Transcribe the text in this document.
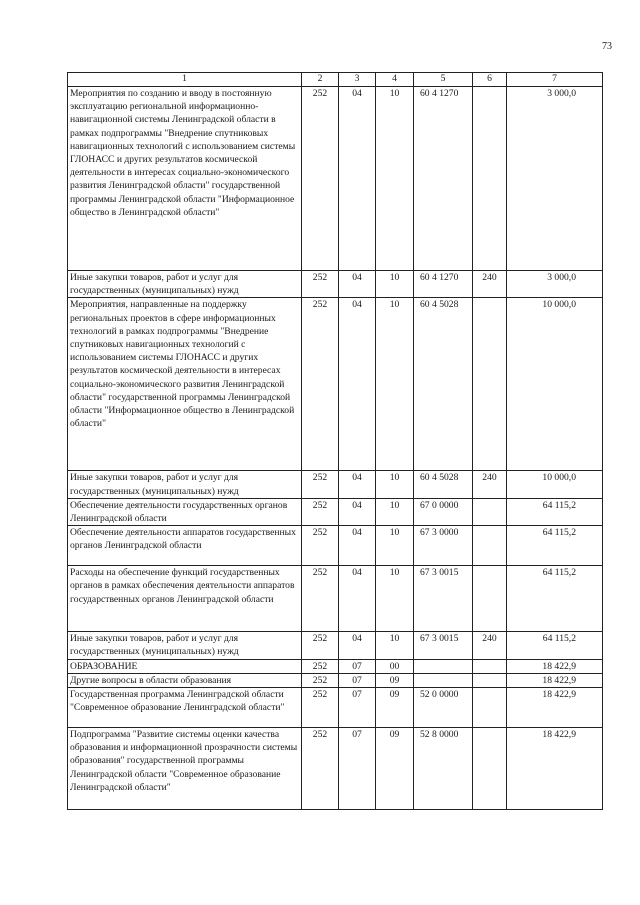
73
1	2	3	4	5	6	7
Мероприятия по созданию и вводу в постоянную эксплуатацию региональной информационно-навигационной системы Ленинградской области в рамках подпрограммы "Внедрение спутниковых навигационных технологий с использованием системы ГЛОНАСС и других результатов космической деятельности в интересах социально-экономического развития Ленинградской области" государственной программы Ленинградской области "Информационное общество в Ленинградской области"	252	04	10	60 4 1270		3 000,0
Иные закупки товаров, работ и услуг для государственных (муниципальных) нужд	252	04	10	60 4 1270	240	3 000,0
Мероприятия, направленные на поддержку региональных проектов в сфере информационных технологий в рамках подпрограммы "Внедрение спутниковых навигационных технологий с использованием системы ГЛОНАСС и других результатов космической деятельности в интересах социально-экономического развития Ленинградской области" государственной программы Ленинградской области "Информационное общество в Ленинградской области"	252	04	10	60 4 5028		10 000,0
Иные закупки товаров, работ и услуг для государственных (муниципальных) нужд	252	04	10	60 4 5028	240	10 000,0
Обеспечение деятельности государственных органов Ленинградской области	252	04	10	67 0 0000		64 115,2
Обеспечение деятельности аппаратов государственных органов Ленинградской области	252	04	10	67 3 0000		64 115,2
Расходы на обеспечение функций государственных органов в рамках обеспечения деятельности аппаратов государственных органов Ленинградской области	252	04	10	67 3 0015		64 115,2
Иные закупки товаров, работ и услуг для государственных (муниципальных) нужд	252	04	10	67 3 0015	240	64 115,2
ОБРАЗОВАНИЕ	252	07	00			18 422,9
Другие вопросы в области образования	252	07	09			18 422,9
Государственная программа Ленинградской области "Современное образование Ленинградской области"	252	07	09	52 0 0000		18 422,9
Подпрограмма "Развитие системы оценки качества образования и информационной прозрачности системы образования" государственной программы Ленинградской области "Современное образование Ленинградской области"	252	07	09	52 8 0000		18 422,9
